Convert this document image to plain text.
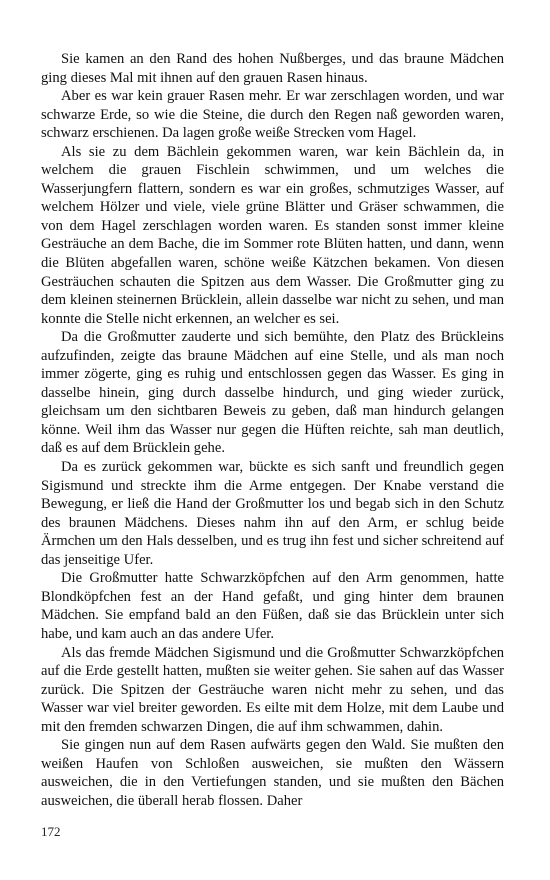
Sie kamen an den Rand des hohen Nußberges, und das braune Mädchen ging dieses Mal mit ihnen auf den grauen Rasen hinaus.

Aber es war kein grauer Rasen mehr. Er war zerschlagen worden, und war schwarze Erde, so wie die Steine, die durch den Regen naß geworden waren, schwarz erschienen. Da lagen große weiße Strecken vom Hagel.

Als sie zu dem Bächlein gekommen waren, war kein Bächlein da, in welchem die grauen Fischlein schwimmen, und um welches die Wasserjungfern flattern, sondern es war ein großes, schmutziges Wasser, auf welchem Hölzer und viele, viele grüne Blätter und Gräser schwammen, die von dem Hagel zerschlagen worden waren. Es standen sonst immer kleine Gesträuche an dem Bache, die im Sommer rote Blüten hatten, und dann, wenn die Blüten abgefallen waren, schöne weiße Kätzchen bekamen. Von diesen Gesträuchen schauten die Spitzen aus dem Wasser. Die Großmutter ging zu dem kleinen steinernen Brücklein, allein dasselbe war nicht zu sehen, und man konnte die Stelle nicht erkennen, an welcher es sei.

Da die Großmutter zauderte und sich bemühte, den Platz des Brückleins aufzufinden, zeigte das braune Mädchen auf eine Stelle, und als man noch immer zögerte, ging es ruhig und entschlossen gegen das Wasser. Es ging in dasselbe hinein, ging durch dasselbe hindurch, und ging wieder zurück, gleichsam um den sichtbaren Beweis zu geben, daß man hindurch gelangen könne. Weil ihm das Wasser nur gegen die Hüften reichte, sah man deutlich, daß es auf dem Brücklein gehe.

Da es zurück gekommen war, bückte es sich sanft und freundlich gegen Sigismund und streckte ihm die Arme entgegen. Der Knabe verstand die Bewegung, er ließ die Hand der Großmutter los und begab sich in den Schutz des braunen Mädchens. Dieses nahm ihn auf den Arm, er schlug beide Ärmchen um den Hals desselben, und es trug ihn fest und sicher schreitend auf das jenseitige Ufer.

Die Großmutter hatte Schwarzköpfchen auf den Arm genommen, hatte Blondköpfchen fest an der Hand gefaßt, und ging hinter dem braunen Mädchen. Sie empfand bald an den Füßen, daß sie das Brücklein unter sich habe, und kam auch an das andere Ufer.

Als das fremde Mädchen Sigismund und die Großmutter Schwarzköpfchen auf die Erde gestellt hatten, mußten sie weiter gehen. Sie sahen auf das Wasser zurück. Die Spitzen der Gesträuche waren nicht mehr zu sehen, und das Wasser war viel breiter geworden. Es eilte mit dem Holze, mit dem Laube und mit den fremden schwarzen Dingen, die auf ihm schwammen, dahin.

Sie gingen nun auf dem Rasen aufwärts gegen den Wald. Sie mußten den weißen Haufen von Schloßen ausweichen, sie mußten den Wässern ausweichen, die in den Vertiefungen standen, und sie mußten den Bächen ausweichen, die überall herab flossen. Daher

172
